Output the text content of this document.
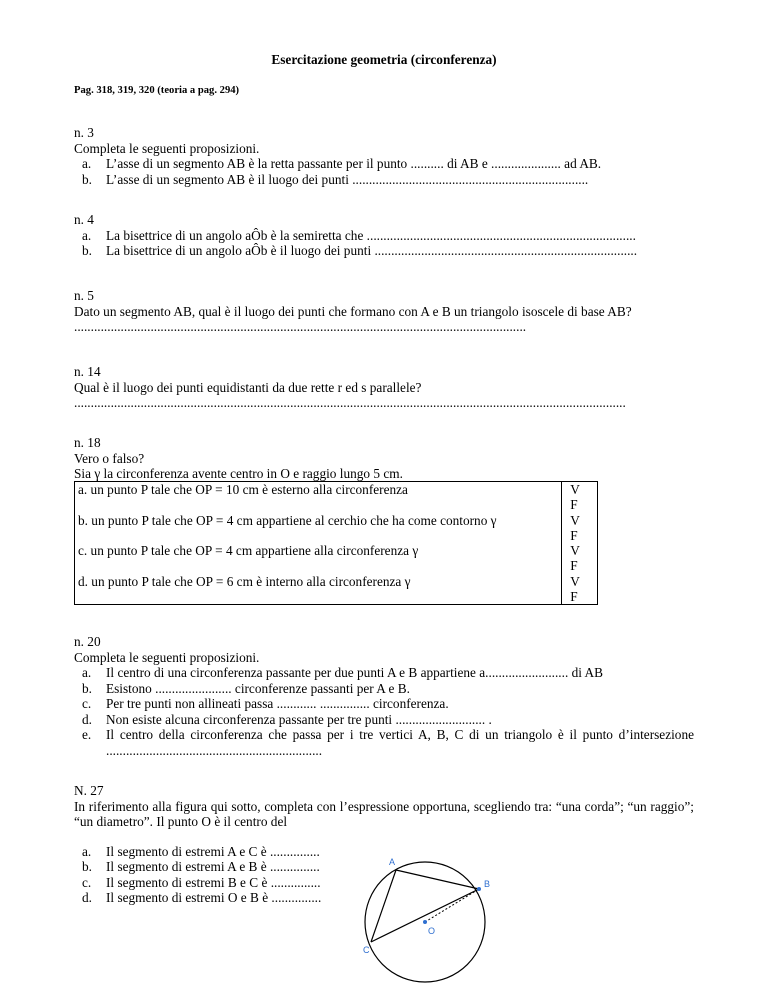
Esercitazione geometria (circonferenza)
Pag. 318, 319, 320 (teoria a pag. 294)
n. 3
Completa le seguenti proposizioni.
a. L’asse di un segmento AB è la retta passante per il punto .......... di AB e ..................... ad AB.
b. L’asse di un segmento AB è il luogo dei punti .......................................................................
n. 4
a. La bisettrice di un angolo aÔb è la semiretta che .................................................................................
b. La bisettrice di un angolo aÔb è il luogo dei punti ...............................................................................
n. 5
Dato un segmento AB, qual è il luogo dei punti che formano con A e B un triangolo isoscele di base AB?
........................................................................................................................................
n. 14
Qual è il luogo dei punti equidistanti da due rette r ed s parallele?
......................................................................................................................................................................
n. 18
Vero o falso?
Sia γ la circonferenza avente centro in O e raggio lungo 5 cm.
a. un punto P tale che OP = 10 cm è esterno alla circonferenza	V
	F
b. un punto P tale che OP = 4 cm appartiene al cerchio che ha come contorno γ	V
	F
c. un punto P tale che OP = 4 cm appartiene alla circonferenza γ	V
	F
d. un punto P tale che OP = 6 cm è interno alla circonferenza γ	V
	F
n. 20
Completa le seguenti proposizioni.
a. Il centro di una circonferenza passante per due punti A e B appartiene a......................... di AB
b. Esistono ....................... circonferenze passanti per A e B.
c. Per tre punti non allineati passa ............ ............... circonferenza.
d. Non esiste alcuna circonferenza passante per tre punti ........................... .
e. Il centro della circonferenza che passa per i tre vertici A, B, C di un triangolo è il punto d’intersezione .................................................................
N. 27
In riferimento alla figura qui sotto, completa con l’espressione opportuna, scegliendo tra: “una corda”; “un raggio”; “un diametro”. Il punto O è il centro del
a. Il segmento di estremi A e C è ...............
b. Il segmento di estremi A e B è ...............
c. Il segmento di estremi B e C è ...............
d. Il segmento di estremi O e B è ...............
A
B
C
O
